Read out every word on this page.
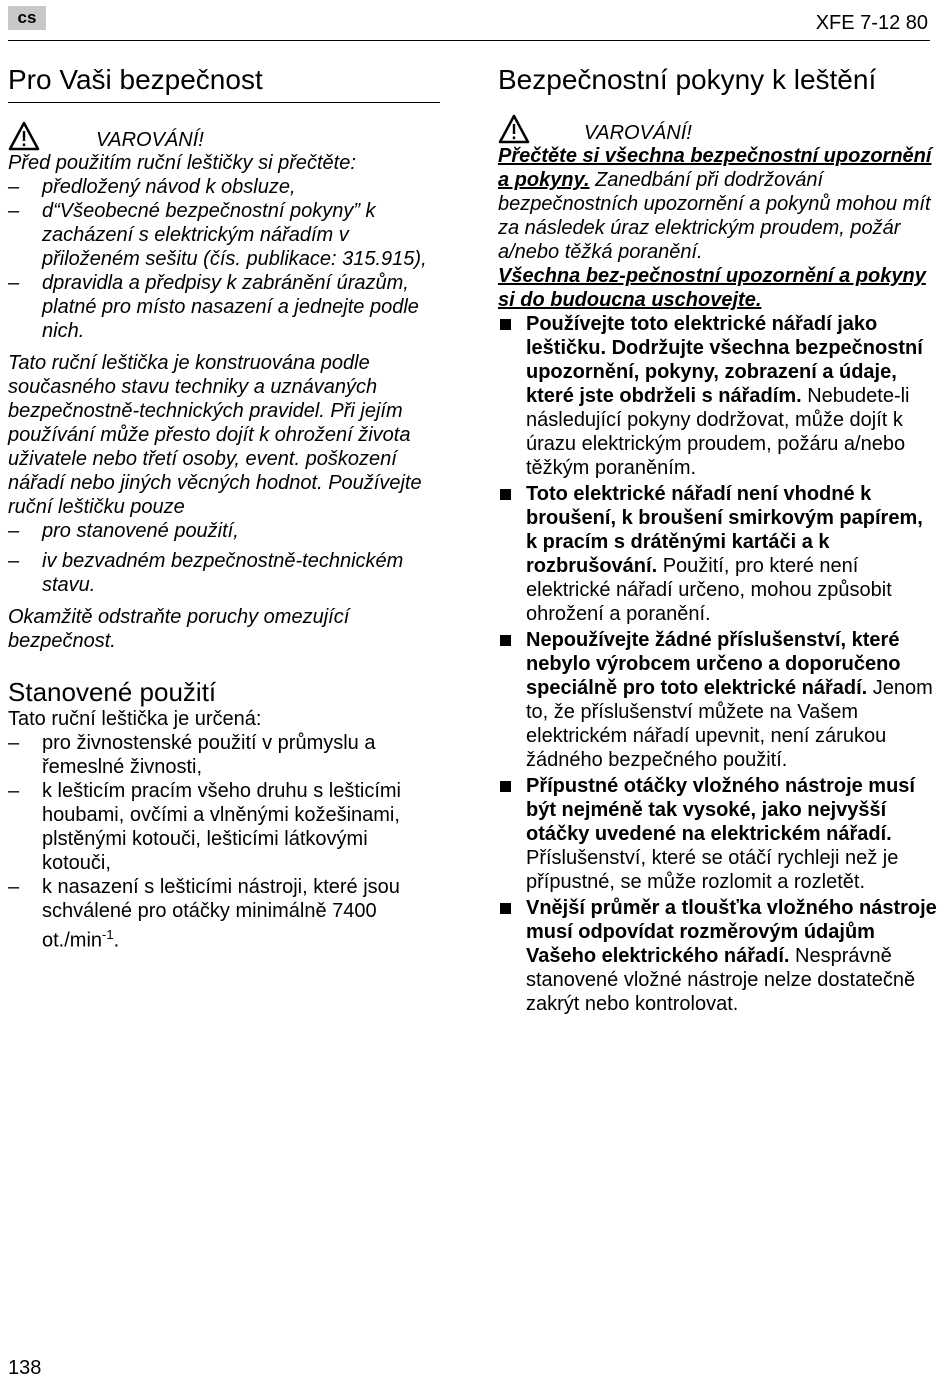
cs	XFE 7-12 80
Pro Vaši bezpečnost
VAROVÁNÍ!

Před použitím ruční leštičky si přečtěte:

– předložený návod k obsluze,
– d“Všeobecné bezpečnostní pokyny” k zacházení s elektrickým nářadím v přiloženém sešitu (čís. publikace: 315.915),
– dpravidla a předpisy k zabránění úrazům, platné pro místo nasazení a jednejte podle nich.

Tato ruční leštička je konstruována podle současného stavu techniky a uznávaných bezpečnostně-technických pravidel. Při jejím používání může přesto dojít k ohrožení života uživatele nebo třetí osoby, event. poškození nářadí nebo jiných věcných hodnot. Používejte ruční leštičku pouze

– pro stanovené použití,
– iv bezvadném bezpečnostně-technickém stavu.

Okamžitě odstraňte poruchy omezující bezpečnost.

Stanovené použití

Tato ruční leštička je určená:

– pro živnostenské použití v průmyslu a řemeslné živnosti,
– k lešticím pracím všeho druhu s lešticími houbami, ovčími a vlněnými kožešinami, plstěnými kotouči, lešticími látkovými kotouči,
– k nasazení s lešticími nástroji, které jsou schválené pro otáčky minimálně 7400 $ot./\min^{-1}$.
Bezpečnostní pokyny k leštění
VAROVÁNÍ!

Přečtěte si všechna bezpečnostní upozornění a pokyny. Zanedbání při dodržování bezpečnostních upozornění a pokynů mohou mít za následek úraz elektrickým proudem, požár a/nebo těžká poranění.

Všechna bez-pečnostní upozornění a pokyny si do budoucna uschovejte.

Používejte toto elektrické nářadí jako leštičku. Dodržujte všechna bezpečnostní upozornění, pokyny, zobrazení a údaje, které jste obdrželi s nářadím. Nebudete-li následující pokyny dodržovat, může dojít k úrazu elektrickým proudem, požáru a/nebo těžkým poraněním.
Toto elektrické nářadí není vhodné k broušení, k broušení smirkovým papírem, k pracím s drátěnými kartáči a k rozbrušování. Použití, pro které není elektrické nářadí určeno, mohou způsobit ohrožení a poranění.
Nepoužívejte žádné příslušenství, které nebylo výrobcem určeno a doporučeno speciálně pro toto elektrické nářadí. Jenom to, že příslušenství můžete na Vašem elektrickém nářadí upevnit, není zárukou žádného bezpečného použití.
Přípustné otáčky vložného nástroje musí být nejméně tak vysoké, jako nejvyšší otáčky uvedené na elektrickém nářadí. Příslušenství, které se otáčí rychleji než je přípustné, se může rozlomit a rozletět.
Vnější průměr a tloušťka vložného nástroje musí odpovídat rozměrovým údajům Vašeho elektrického nářadí. Nesprávně stanovené vložné nástroje nelze dostatečně zakrýt nebo kontrolovat.
138
